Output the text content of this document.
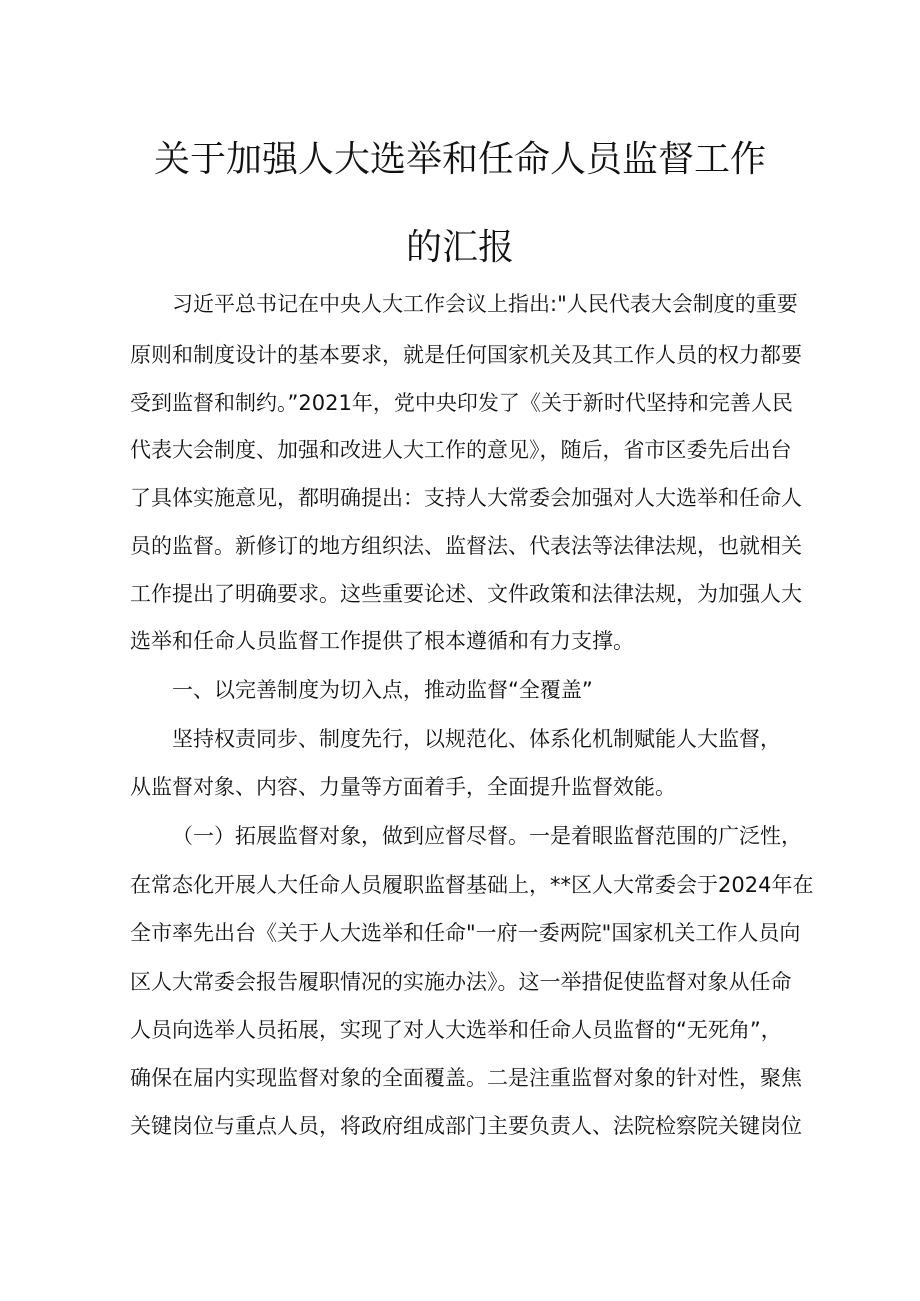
关于加强人大选举和任命人员监督工作
的汇报

习近平总书记在中央人大工作会议上指出:"人民代表大会制度的重要

原则和制度设计的基本要求，就是任何国家机关及其工作人员的权力都要

受到监督和制约。”2021年，党中央印发了《关于新时代坚持和完善人民

代表大会制度、加强和改进人大工作的意见》，随后，省市区委先后出台

了具体实施意见，都明确提出：支持人大常委会加强对人大选举和任命人

员的监督。新修订的地方组织法、监督法、代表法等法律法规，也就相关

工作提出了明确要求。这些重要论述、文件政策和法律法规，为加强人大

选举和任命人员监督工作提供了根本遵循和有力支撑。

一、以完善制度为切入点，推动监督“全覆盖”

坚持权责同步、制度先行，以规范化、体系化机制赋能人大监督，

从监督对象、内容、力量等方面着手，全面提升监督效能。

（一）拓展监督对象，做到应督尽督。一是着眼监督范围的广泛性，

在常态化开展人大任命人员履职监督基础上，**区人大常委会于2024年在

全市率先出台《关于人大选举和任命"一府一委两院"国家机关工作人员向

区人大常委会报告履职情况的实施办法》。这一举措促使监督对象从任命

人员向选举人员拓展，实现了对人大选举和任命人员监督的“无死角”，

确保在届内实现监督对象的全面覆盖。二是注重监督对象的针对性，聚焦

关键岗位与重点人员，将政府组成部门主要负责人、法院检察院关键岗位
